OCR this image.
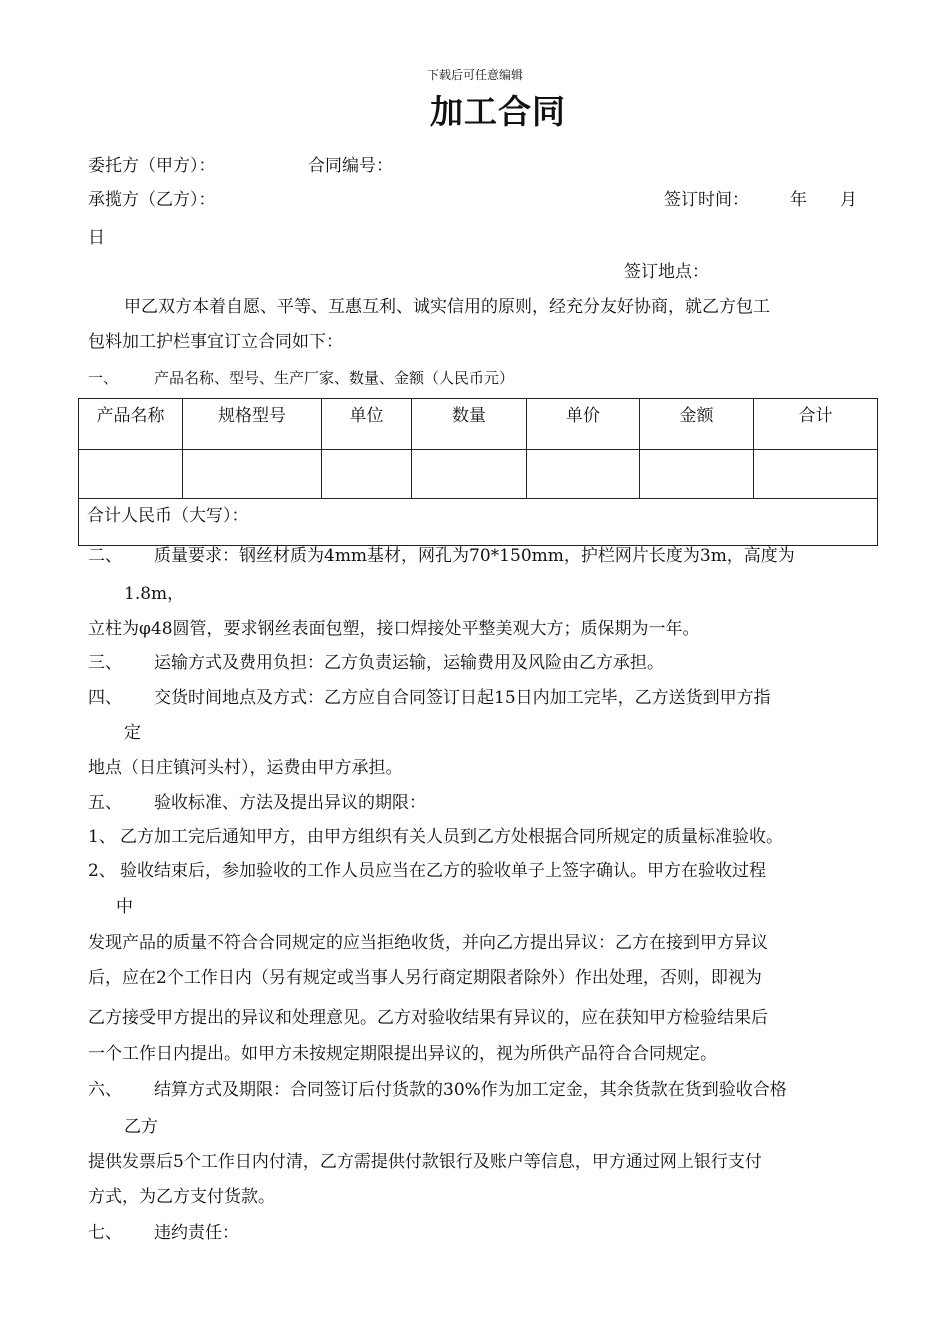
下载后可任意编辑
加工合同
委托方（甲方）：	合同编号：
承揽方（乙方）：	签订时间： 年 月
日
签订地点：
甲乙双方本着自愿、平等、互惠互利、诚实信用的原则，经充分友好协商，就乙方包工
包料加工护栏事宜订立合同如下：
一、 产品名称、型号、生产厂家、数量、金额（人民币元）
产品名称	规格型号	单位	数量	单价	金额	合计

合计人民币（大写）：						
二、 质量要求：钢丝材质为4mm基材，网孔为70*150mm，护栏网片长度为3m，高度为
1.8m，
立柱为φ48圆管，要求钢丝表面包塑，接口焊接处平整美观大方；质保期为一年。
三、 运输方式及费用负担：乙方负责运输，运输费用及风险由乙方承担。
四、 交货时间地点及方式：乙方应自合同签订日起15日内加工完毕，乙方送货到甲方指
定
地点（日庄镇河头村），运费由甲方承担。
五、 验收标准、方法及提出异议的期限：
1、 乙方加工完后通知甲方，由甲方组织有关人员到乙方处根据合同所规定的质量标准验收。
2、 验收结束后，参加验收的工作人员应当在乙方的验收单子上签字确认。甲方在验收过程
中
发现产品的质量不符合合同规定的应当拒绝收货，并向乙方提出异议：乙方在接到甲方异议
后，应在2个工作日内（另有规定或当事人另行商定期限者除外）作出处理，否则，即视为
乙方接受甲方提出的异议和处理意见。乙方对验收结果有异议的，应在获知甲方检验结果后
一个工作日内提出。如甲方未按规定期限提出异议的，视为所供产品符合合同规定。
六、 结算方式及期限：合同签订后付货款的30%作为加工定金，其余货款在货到验收合格
乙方
提供发票后5个工作日内付清，乙方需提供付款银行及账户等信息，甲方通过网上银行支付
方式，为乙方支付货款。
七、 违约责任：
